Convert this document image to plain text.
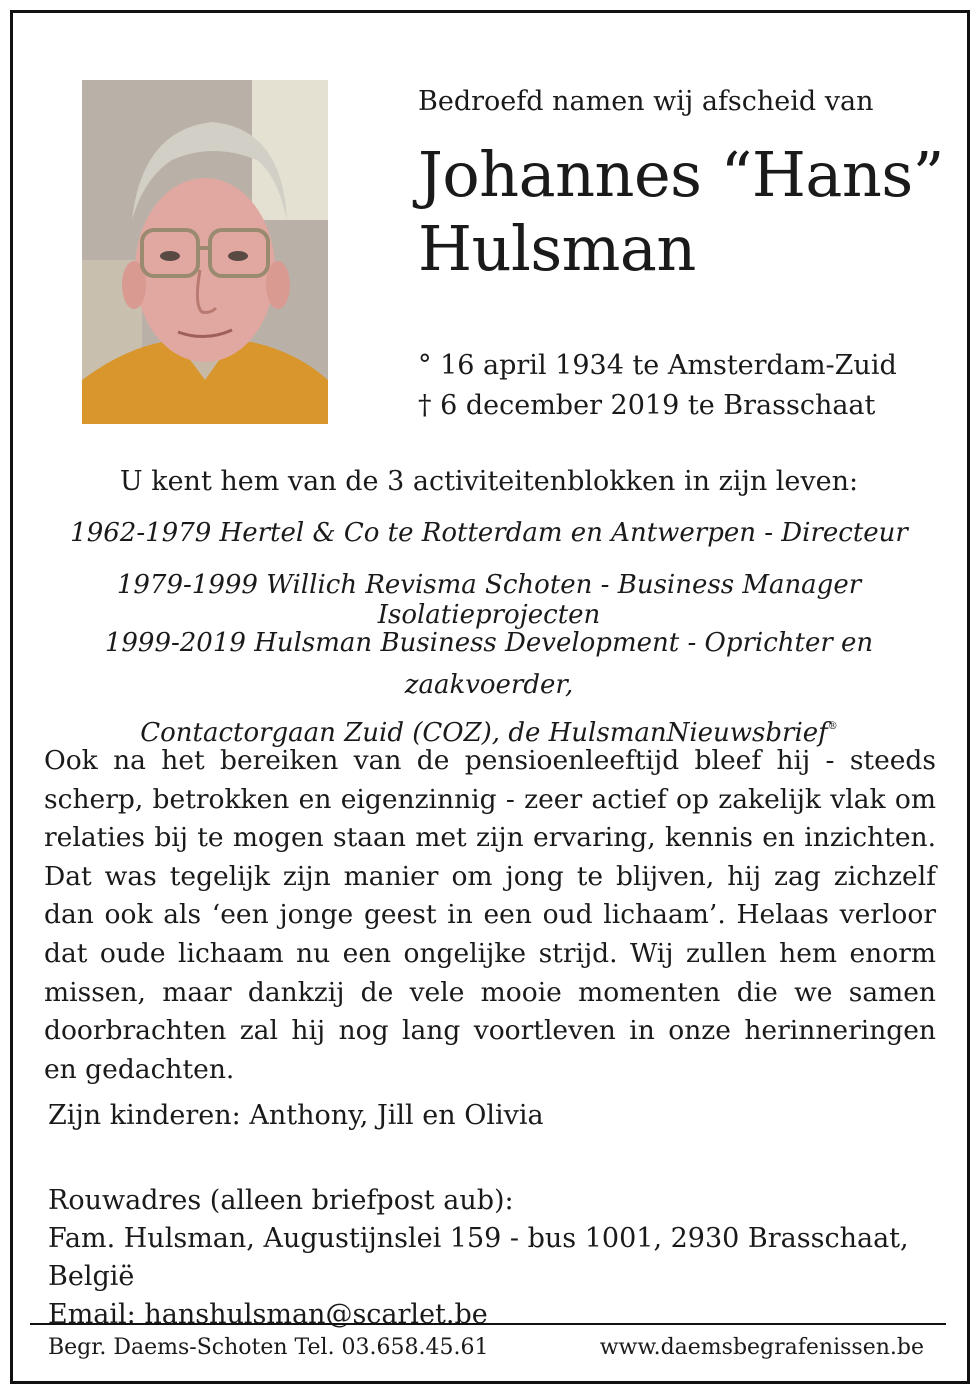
Bedroefd namen wij afscheid van
Johannes “Hans”
Hulsman
° 16 april 1934 te Amsterdam-Zuid
† 6 december 2019 te Brasschaat
U kent hem van de 3 activiteitenblokken in zijn leven:
1962-1979 Hertel & Co te Rotterdam en Antwerpen - Directeur
1979-1999 Willich Revisma Schoten - Business Manager Isolatieprojecten
1999-2019 Hulsman Business Development - Oprichter en zaakvoerder,
Contactorgaan Zuid (COZ), de HulsmanNieuwsbrief®
Ook na het bereiken van de pensioenleeftijd bleef hij - steeds scherp, betrokken en eigenzinnig - zeer actief op zakelijk vlak om relaties bij te mogen staan met zijn ervaring, kennis en inzichten. Dat was tegelijk zijn manier om jong te blijven, hij zag zichzelf dan ook als ‘een jonge geest in een oud lichaam’. Helaas verloor dat oude lichaam nu een ongelijke strijd. Wij zullen hem enorm missen, maar dankzij de vele mooie momenten die we samen doorbrachten zal hij nog lang voortleven in onze herinneringen en gedachten.
Zijn kinderen: Anthony, Jill en Olivia
Rouwadres (alleen briefpost aub):
Fam. Hulsman, Augustijnslei 159 - bus 1001, 2930 Brasschaat, België
Email: hanshulsman@scarlet.be
Begr. Daems-Schoten Tel. 03.658.45.61	www.daemsbegrafenissen.be
